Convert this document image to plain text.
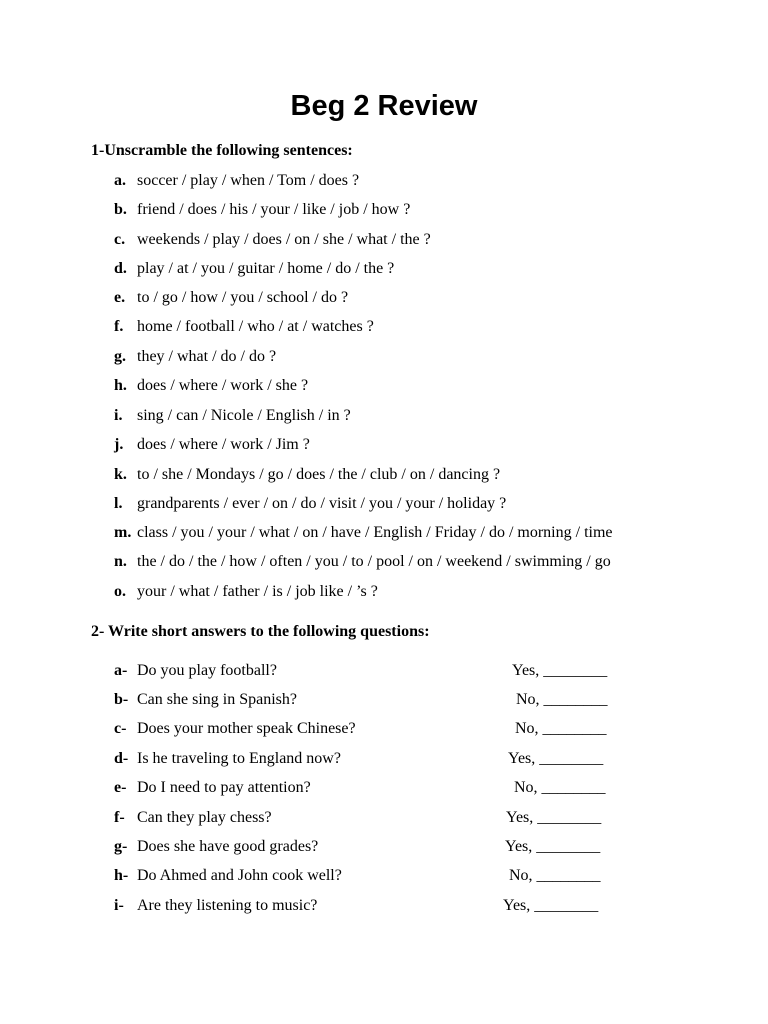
Beg 2 Review
1-Unscramble the following sentences:
a. soccer / play / when / Tom / does ?
b. friend / does / his / your / like / job / how ?
c. weekends / play / does / on / she / what / the ?
d. play / at / you / guitar / home / do / the ?
e. to / go / how / you / school / do ?
f. home / football / who / at / watches ?
g. they / what / do / do ?
h. does / where / work / she ?
i. sing / can / Nicole / English / in ?
j. does / where / work / Jim ?
k. to / she / Mondays / go / does / the / club / on / dancing ?
l. grandparents / ever / on / do / visit / you / your / holiday ?
m. class / you / your / what / on / have / English / Friday / do / morning / time
n. the / do / the / how / often / you / to / pool / on / weekend / swimming / go
o. your / what / father / is / job like / ’s ?
2- Write short answers to the following questions:
a- Do you play football?	Yes, ________
b- Can she sing in Spanish?	No, ________
c- Does your mother speak Chinese?	No, ________
d- Is he traveling to England now?	Yes, ________
e- Do I need to pay attention?	No, ________
f- Can they play chess?	Yes, ________
g- Does she have good grades?	Yes, ________
h- Do Ahmed and John cook well?	No, ________
i- Are they listening to music?	Yes, ________
